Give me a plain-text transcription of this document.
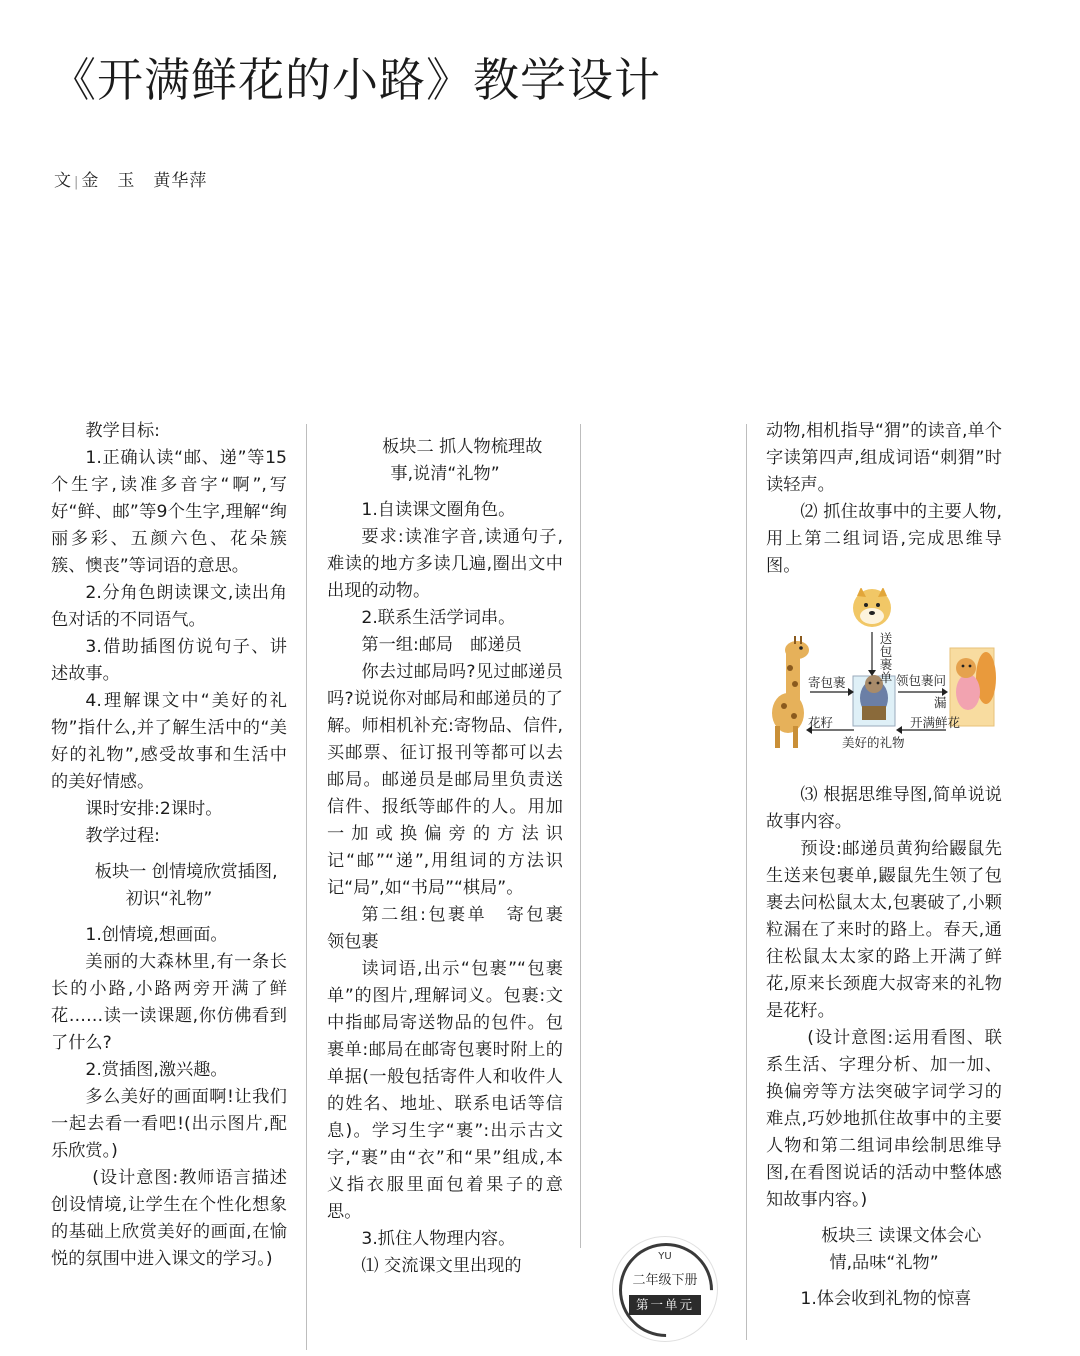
《开满鲜花的小路》教学设计
文 | 金　玉　黄华萍

教学目标:

1.正确认读“邮、递”等15个生字,读准多音字“啊”,写好“鲜、邮”等9个生字,理解“绚丽多彩、五颜六色、花朵簇簇、懊丧”等词语的意思。

2.分角色朗读课文,读出角色对话的不同语气。

3.借助插图仿说句子、讲述故事。

4.理解课文中“美好的礼物”指什么,并了解生活中的“美好的礼物”,感受故事和生活中的美好情感。

课时安排:2课时。

教学过程:

板块一 创情境欣赏插图,初识“礼物”

1.创情境,想画面。

美丽的大森林里,有一条长长的小路,小路两旁开满了鲜花……读一读课题,你仿佛看到了什么?

2.赏插图,激兴趣。

多么美好的画面啊!让我们一起去看一看吧!(出示图片,配乐欣赏。)

(设计意图:教师语言描述创设情境,让学生在个性化想象的基础上欣赏美好的画面,在愉悦的氛围中进入课文的学习。)

板块二 抓人物梳理故事,说清“礼物”

1.自读课文圈角色。

要求:读准字音,读通句子,难读的地方多读几遍,圈出文中出现的动物。

2.联系生活学词串。

第一组:邮局　邮递员

你去过邮局吗?见过邮递员吗?说说你对邮局和邮递员的了解。师相机补充:寄物品、信件,买邮票、征订报刊等都可以去邮局。邮递员是邮局里负责送信件、报纸等邮件的人。用加一加或换偏旁的方法识记“邮”“递”,用组词的方法识记“局”,如“书局”“棋局”。

第二组:包裹单　寄包裹　领包裹

读词语,出示“包裹”“包裹单”的图片,理解词义。包裹:文中指邮局寄送物品的包件。包裹单:邮局在邮寄包裹时附上的单据(一般包括寄件人和收件人的姓名、地址、联系电话等信息)。学习生字“裹”:出示古文字,“裹”由“衣”和“果”组成,本义指衣服里面包着果子的意思。

3.抓住人物理内容。

⑴ 交流课文里出现的

动物,相机指导“猬”的读音,单个字读第四声,组成词语“刺猬”时读轻声。

⑵ 抓住故事中的主要人物,用上第二组词语,完成思维导图。

送包裹单
寄包裹	领包裹问
漏
花籽
美好的礼物
开满鲜花

⑶ 根据思维导图,简单说说故事内容。

预设:邮递员黄狗给鼹鼠先生送来包裹单,鼹鼠先生领了包裹去问松鼠太太,包裹破了,小颗粒漏在了来时的路上。春天,通往松鼠太太家的路上开满了鲜花,原来长颈鹿大叔寄来的礼物是花籽。

(设计意图:运用看图、联系生活、字理分析、加一加、换偏旁等方法突破字词学习的难点,巧妙地抓住故事中的主要人物和第二组词串绘制思维导图,在看图说话的活动中整体感知故事内容。)

板块三 读课文体会心情,品味“礼物”

1.体会收到礼物的惊喜

YU
二年级下册
第一单元
